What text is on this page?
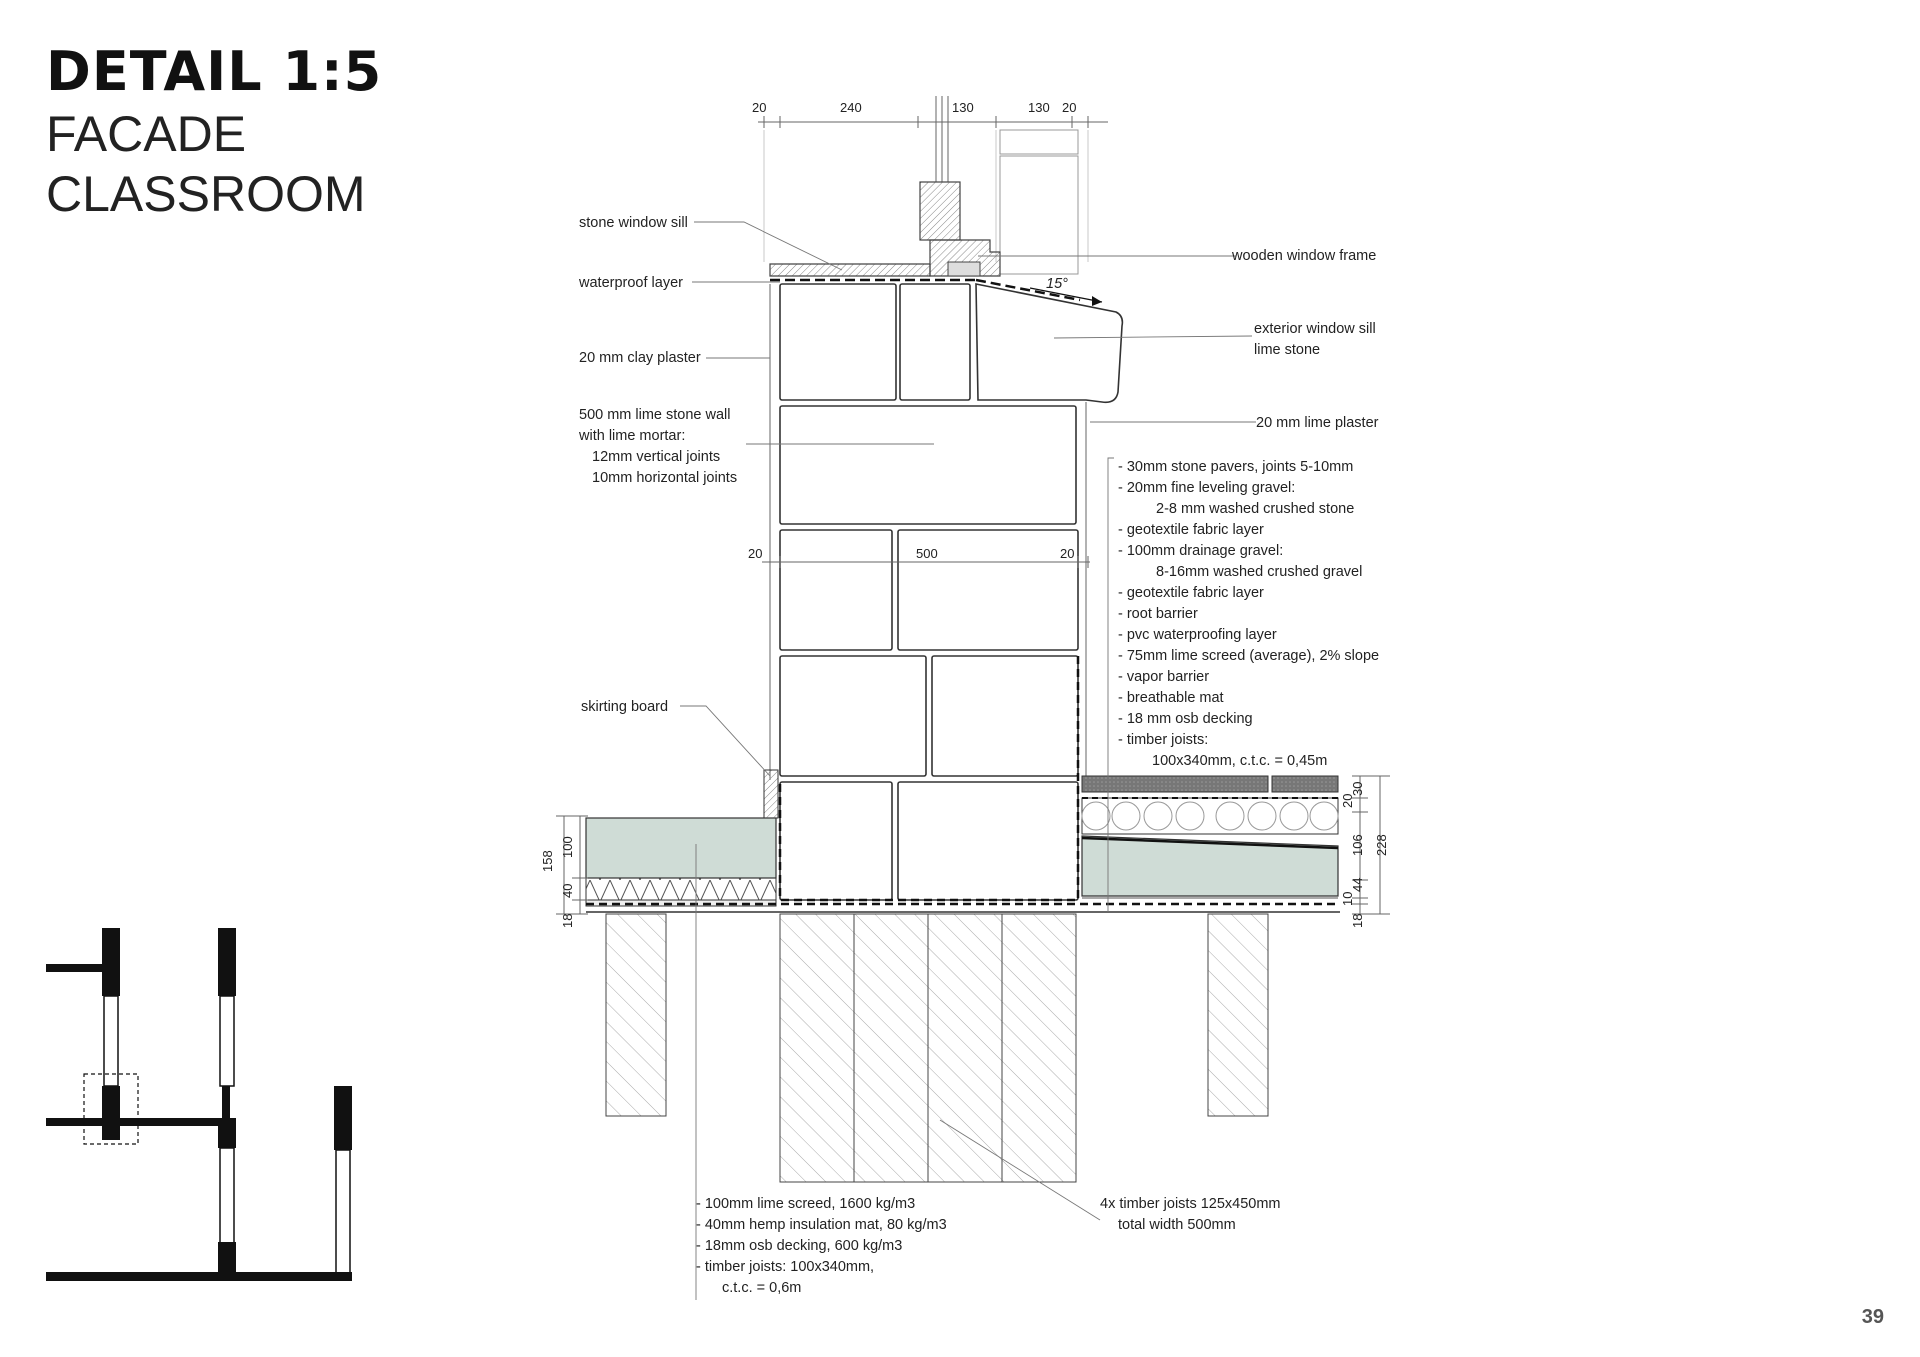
DETAIL 1:5
FACADE
CLASSROOM
20	240	130	130 20
15°
20	500	20
158
100
40
18
30
20
106
44
10
18
228
stone window sill
waterproof layer
20 mm clay plaster
500 mm lime stone wall
with lime mortar:
12mm vertical joints
10mm horizontal joints
skirting board
wooden window frame
exterior window sill
lime stone
20 mm lime plaster
- 30mm stone pavers, joints 5-10mm
- 20mm fine leveling gravel:
2-8 mm washed crushed stone
- geotextile fabric layer
- 100mm drainage gravel:
8-16mm washed crushed gravel
- geotextile fabric layer
- root barrier
- pvc waterproofing layer
- 75mm lime screed (average), 2% slope
- vapor barrier
- breathable mat
- 18 mm osb decking
- timber joists:
100x340mm, c.t.c. = 0,45m
- 100mm lime screed, 1600 kg/m3
- 40mm hemp insulation mat, 80 kg/m3
- 18mm osb decking, 600 kg/m3
- timber joists: 100x340mm,
c.t.c. = 0,6m
4x timber joists 125x450mm
total width 500mm
39
